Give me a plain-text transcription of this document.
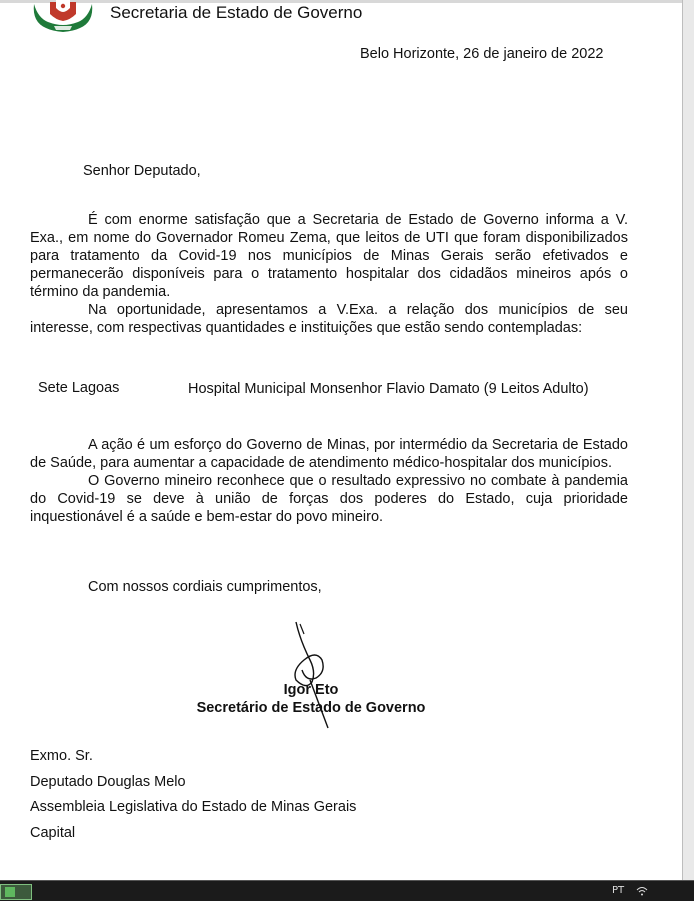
Secretaria de Estado de Governo
Belo Horizonte, 26 de janeiro de 2022
Senhor Deputado,

É com enorme satisfação que a Secretaria de Estado de Governo informa a V. Exa., em nome do Governador Romeu Zema, que leitos de UTI que foram disponibilizados para tratamento da Covid-19 nos municípios de Minas Gerais serão efetivados e permanecerão disponíveis para o tratamento hospitalar dos cidadãos mineiros após o término da pandemia.

Na oportunidade, apresentamos a V.Exa. a relação dos municípios de seu interesse, com respectivas quantidades e instituições que estão sendo contempladas:

Sete Lagoas	Hospital Municipal Monsenhor Flavio Damato (9 Leitos Adulto)

A ação é um esforço do Governo de Minas, por intermédio da Secretaria de Estado de Saúde, para aumentar a capacidade de atendimento médico-hospitalar dos municípios.

O Governo mineiro reconhece que o resultado expressivo no combate à pandemia do Covid-19 se deve à união de forças dos poderes do Estado, cuja prioridade inquestionável é a saúde e bem-estar do povo mineiro.

Com nossos cordiais cumprimentos,
Igor Eto
Secretário de Estado de Governo
Exmo. Sr.
Deputado Douglas Melo
Assembleia Legislativa do Estado de Minas Gerais
Capital
PT
